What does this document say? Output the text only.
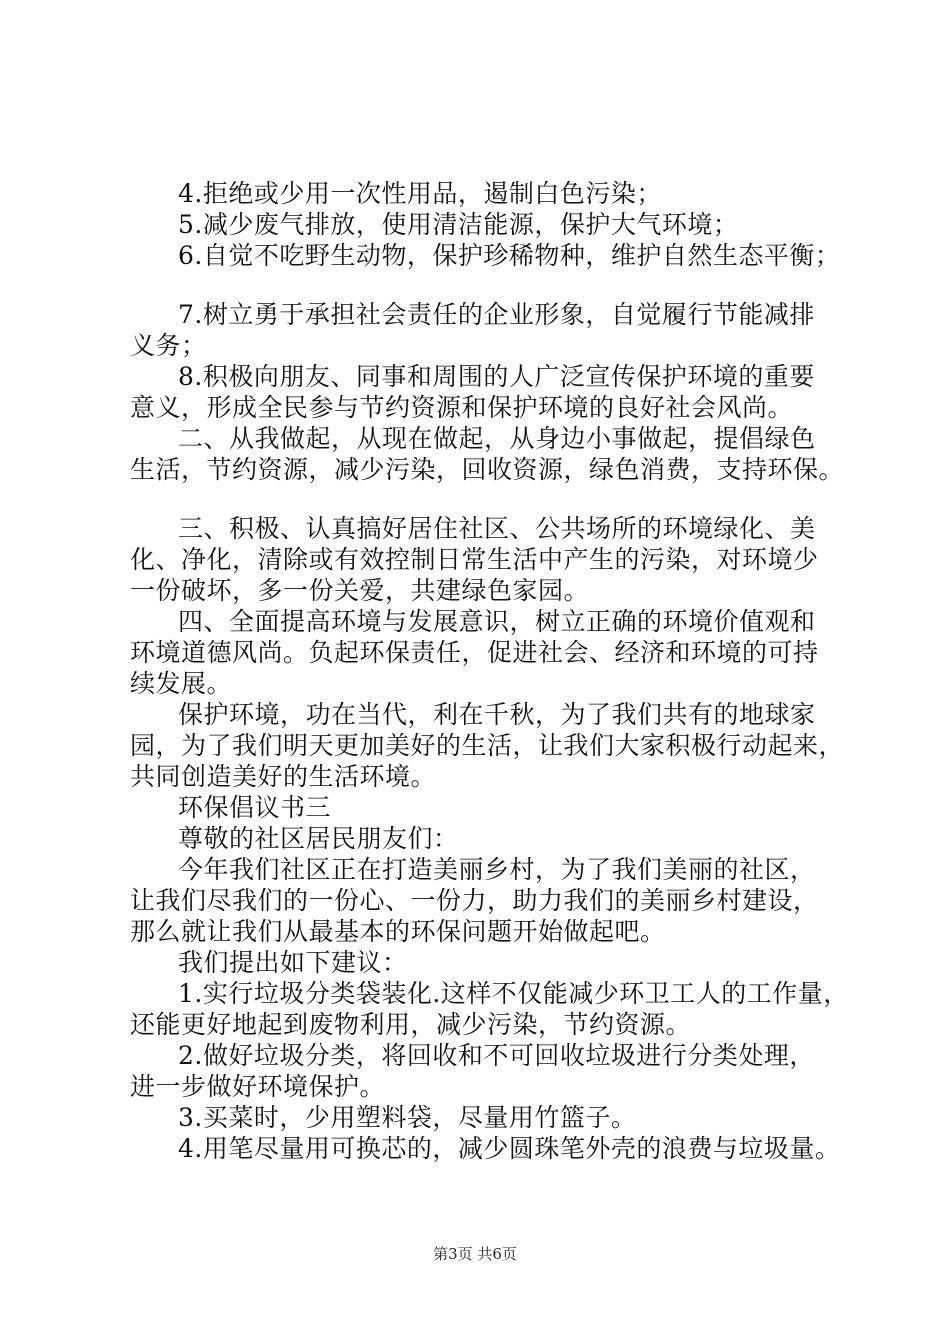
4.拒绝或少用一次性用品，遏制白色污染；
5.减少废气排放，使用清洁能源，保护大气环境；
6.自觉不吃野生动物，保护珍稀物种，维护自然生态平衡；
7.树立勇于承担社会责任的企业形象，自觉履行节能减排
义务；
8.积极向朋友、同事和周围的人广泛宣传保护环境的重要
意义，形成全民参与节约资源和保护环境的良好社会风尚。
二、从我做起，从现在做起，从身边小事做起，提倡绿色
生活，节约资源，减少污染，回收资源，绿色消费，支持环保。
三、积极、认真搞好居住社区、公共场所的环境绿化、美
化、净化，清除或有效控制日常生活中产生的污染，对环境少
一份破坏，多一份关爱，共建绿色家园。
四、全面提高环境与发展意识，树立正确的环境价值观和
环境道德风尚。负起环保责任，促进社会、经济和环境的可持
续发展。
保护环境，功在当代，利在千秋，为了我们共有的地球家
园，为了我们明天更加美好的生活，让我们大家积极行动起来，
共同创造美好的生活环境。
环保倡议书三
尊敬的社区居民朋友们：
今年我们社区正在打造美丽乡村，为了我们美丽的社区，
让我们尽我们的一份心、一份力，助力我们的美丽乡村建设，
那么就让我们从最基本的环保问题开始做起吧。
我们提出如下建议：
1.实行垃圾分类袋装化.这样不仅能减少环卫工人的工作量，
还能更好地起到废物利用，减少污染，节约资源。
2.做好垃圾分类，将回收和不可回收垃圾进行分类处理，
进一步做好环境保护。
3.买菜时，少用塑料袋，尽量用竹篮子。
4.用笔尽量用可换芯的，减少圆珠笔外壳的浪费与垃圾量。
第3页 共6页
